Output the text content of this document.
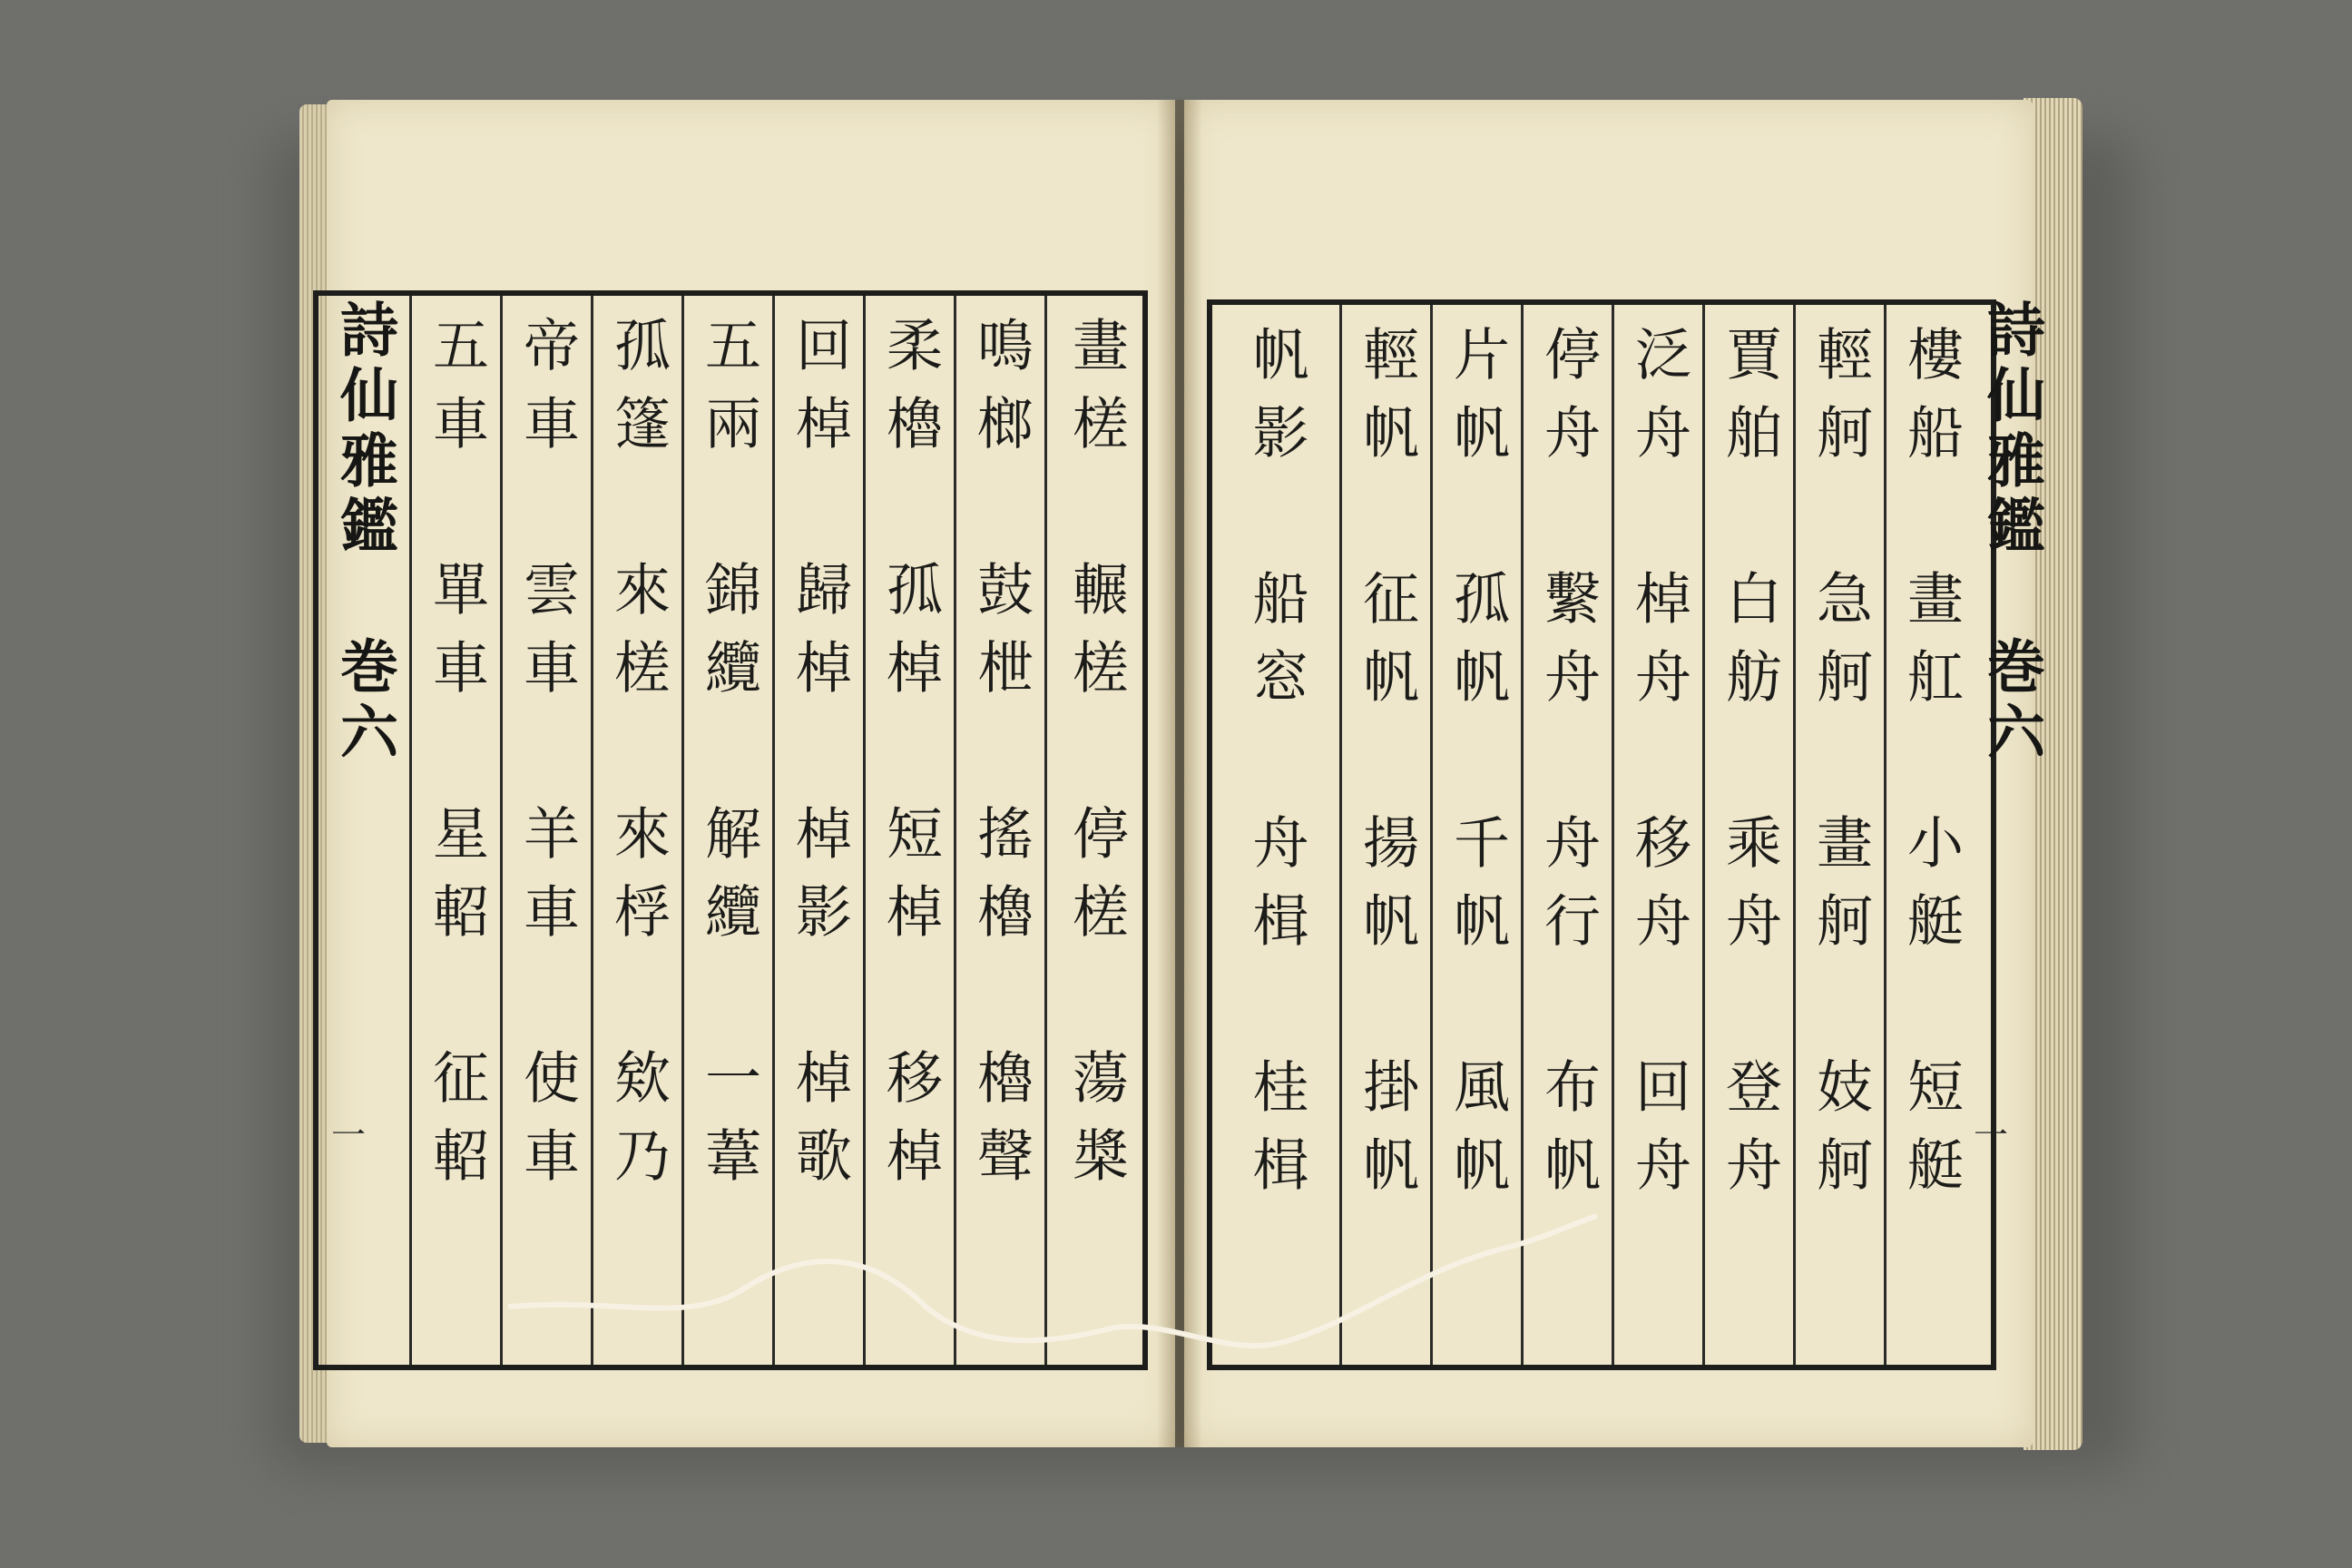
畫槎 輾槎 停槎 蕩槳
鳴榔 鼓枻 搖櫓 櫓聲
柔櫓 孤棹 短棹 移棹
回棹 歸棹 棹影 棹歌
五兩 錦纜 解纜 一葦
孤篷 來槎 來桴 欸乃
帝車 雲車 羊車 使車
五車 單車 星軺 征軺
詩仙雅鑑 巻六
一	樓船 畫舡 小艇 短艇
輕舸 急舸 畫舸 妓舸
賈舶 白舫 乘舟 登舟
泛舟 棹舟 移舟 回舟
停舟 繫舟 舟行 布帆
片帆 孤帆 千帆 風帆
輕帆 征帆 揚帆 掛帆
帆影 船窓 舟楫 桂楫	詩仙雅鑑 巻六
一
